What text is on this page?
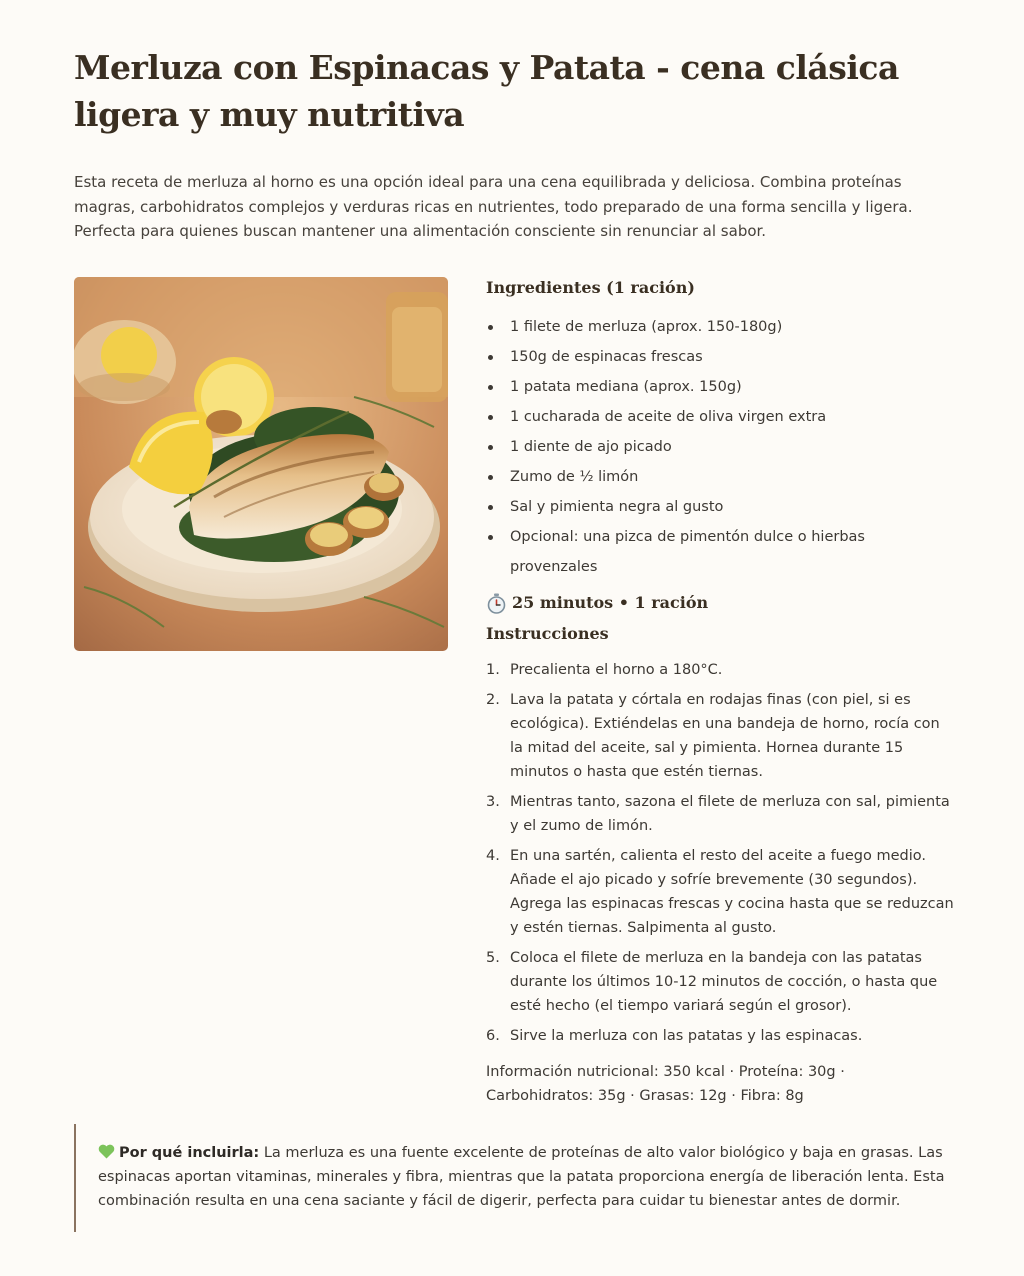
Merluza con Espinacas y Patata - cena clásica ligera y muy nutritiva

Esta receta de merluza al horno es una opción ideal para una cena equilibrada y deliciosa. Combina proteínas magras, carbohidratos complejos y verduras ricas en nutrientes, todo preparado de una forma sencilla y ligera. Perfecta para quienes buscan mantener una alimentación consciente sin renunciar al sabor.

Ingredientes (1 ración)
1 filete de merluza (aprox. 150-180g)
150g de espinacas frescas
1 patata mediana (aprox. 150g)
1 cucharada de aceite de oliva virgen extra
1 diente de ajo picado
Zumo de ½ limón
Sal y pimienta negra al gusto
Opcional: una pizca de pimentón dulce o hierbas provenzales
25 minutos • 1 ración
Instrucciones
1. Precalienta el horno a 180°C.
2. Lava la patata y córtala en rodajas finas (con piel, si es ecológica). Extiéndelas en una bandeja de horno, rocía con la mitad del aceite, sal y pimienta. Hornea durante 15 minutos o hasta que estén tiernas.
3. Mientras tanto, sazona el filete de merluza con sal, pimienta y el zumo de limón.
4. En una sartén, calienta el resto del aceite a fuego medio. Añade el ajo picado y sofríe brevemente (30 segundos). Agrega las espinacas frescas y cocina hasta que se reduzcan y estén tiernas. Salpimenta al gusto.
5. Coloca el filete de merluza en la bandeja con las patatas durante los últimos 10-12 minutos de cocción, o hasta que esté hecho (el tiempo variará según el grosor).
6. Sirve la merluza con las patatas y las espinacas.

Información nutricional: 350 kcal · Proteína: 30g · Carbohidratos: 35g · Grasas: 12g · Fibra: 8g

Por qué incluirla: La merluza es una fuente excelente de proteínas de alto valor biológico y baja en grasas. Las espinacas aportan vitaminas, minerales y fibra, mientras que la patata proporciona energía de liberación lenta. Esta combinación resulta en una cena saciante y fácil de digerir, perfecta para cuidar tu bienestar antes de dormir.
